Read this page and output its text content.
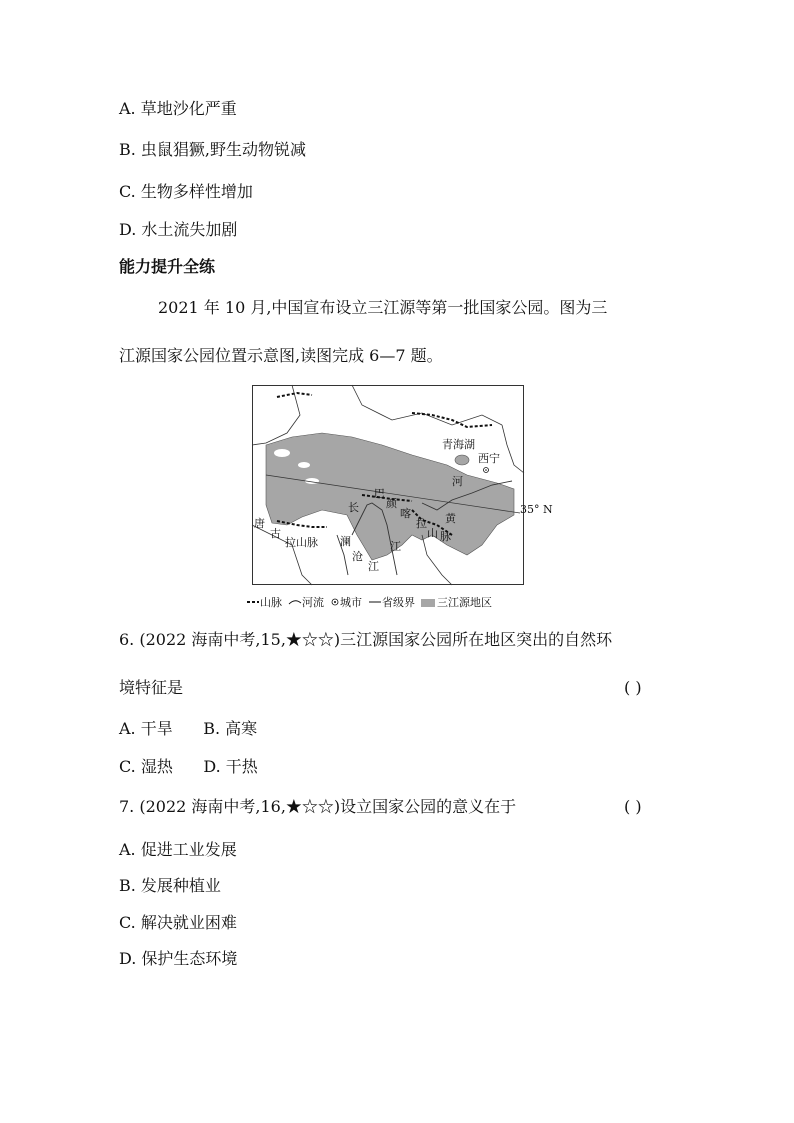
A. 草地沙化严重
B. 虫鼠猖獗,野生动物锐减
C. 生物多样性增加
D. 水土流失加剧
能力提升全练
2021 年 10 月,中国宣布设立三江源等第一批国家公园。图为三
江源国家公园位置示意图,读图完成 6—7 题。
青海湖
西宁
河
35° N
巴
颜
喀
拉
山 脉
黄
长
江
澜
沧
江
唐
古
拉 山脉
山脉	河流	城市	省级界	三江源地区
6. (2022 海南中考,15,★☆☆)三江源国家公园所在地区突出的自然环
境特征是	( )
A. 干旱      B. 高寒
C. 湿热      D. 干热
7. (2022 海南中考,16,★☆☆)设立国家公园的意义在于	( )
A. 促进工业发展
B. 发展种植业
C. 解决就业困难
D. 保护生态环境
